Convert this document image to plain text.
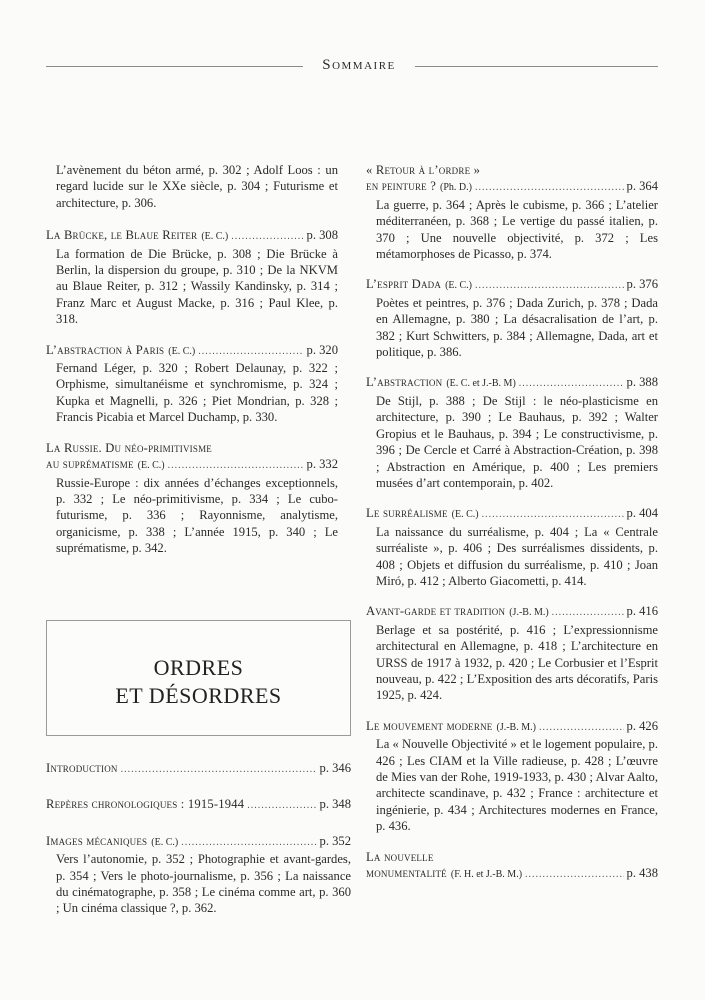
Sommaire
L’avènement du béton armé, p. 302 ; Adolf Loos : un regard lucide sur le XXe siècle, p. 304 ; Futurisme et architecture, p. 306.
La Brücke, le Blaue Reiter (E. C.) .....	p. 308
La formation de Die Brücke, p. 308 ; Die Brücke à Berlin, la dispersion du groupe, p. 310 ; De la NKVM au Blaue Reiter, p. 312 ; Wassily Kandinsky, p. 314 ; Franz Marc et August Macke, p. 316 ; Paul Klee, p. 318.
L’abstraction à Paris (E. C.) .....	p. 320
Fernand Léger, p. 320 ; Robert Delaunay, p. 322 ; Orphisme, simultanéisme et synchromisme, p. 324 ; Kupka et Magnelli, p. 326 ; Piet Mondrian, p. 328 ; Francis Picabia et Marcel Duchamp, p. 330.
La Russie. Du néo-primitivisme
au suprématisme (E. C.) .....	p. 332
Russie-Europe : dix années d’échanges exceptionnels, p. 332 ; Le néo-primitivisme, p. 334 ; Le cubo-futurisme, p. 336 ; Rayonnisme, analytisme, organicisme, p. 338 ; L’année 1915, p. 340 ; Le suprématisme, p. 342.
ORDRES
ET DÉSORDRES
Introduction .....	p. 346
Repères chronologiques : 1915-1944 .....	p. 348
Images mécaniques (E. C.) .....	p. 352
Vers l’autonomie, p. 352 ; Photographie et avant-gardes, p. 354 ; Vers le photo-journalisme, p. 356 ; La naissance du cinématographe, p. 358 ; Le cinéma comme art, p. 360 ; Un cinéma classique ?, p. 362.
« Retour à l’ordre »
en peinture ? (Ph. D.) .....	p. 364
La guerre, p. 364 ; Après le cubisme, p. 366 ; L’atelier méditerranéen, p. 368 ; Le vertige du passé italien, p. 370 ; Une nouvelle objectivité, p. 372 ; Les métamorphoses de Picasso, p. 374.
L’esprit Dada (E. C.) .....	p. 376
Poètes et peintres, p. 376 ; Dada Zurich, p. 378 ; Dada en Allemagne, p. 380 ; La désacralisation de l’art, p. 382 ; Kurt Schwitters, p. 384 ; Allemagne, Dada, art et politique, p. 386.
L’abstraction (E. C. et J.-B. M) .....	p. 388
De Stijl, p. 388 ; De Stijl : le néo-plasticisme en architecture, p. 390 ; Le Bauhaus, p. 392 ; Walter Gropius et le Bauhaus, p. 394 ; Le constructivisme, p. 396 ; De Cercle et Carré à Abstraction-Création, p. 398 ; Abstraction en Amérique, p. 400 ; Les premiers musées d’art contemporain, p. 402.
Le surréalisme (E. C.) .....	p. 404
La naissance du surréalisme, p. 404 ; La « Centrale surréaliste », p. 406 ; Des surréalismes dissidents, p. 408 ; Objets et diffusion du surréalisme, p. 410 ; Joan Miró, p. 412 ; Alberto Giacometti, p. 414.
Avant-garde et tradition (J.-B. M.) .....	p. 416
Berlage et sa postérité, p. 416 ; L’expressionnisme architectural en Allemagne, p. 418 ; L’architecture en URSS de 1917 à 1932, p. 420 ; Le Corbusier et l’Esprit nouveau, p. 422 ; L’Exposition des arts décoratifs, Paris 1925, p. 424.
Le mouvement moderne (J.-B. M.) .....	p. 426
La « Nouvelle Objectivité » et le logement populaire, p. 426 ; Les CIAM et la Ville radieuse, p. 428 ; L’œuvre de Mies van der Rohe, 1919-1933, p. 430 ; Alvar Aalto, architecte scandinave, p. 432 ; France : architecture et ingénierie, p. 434 ; Architectures modernes en France, p. 436.
La nouvelle
monumentalité (F. H. et J.-B. M.) .....	p. 438
